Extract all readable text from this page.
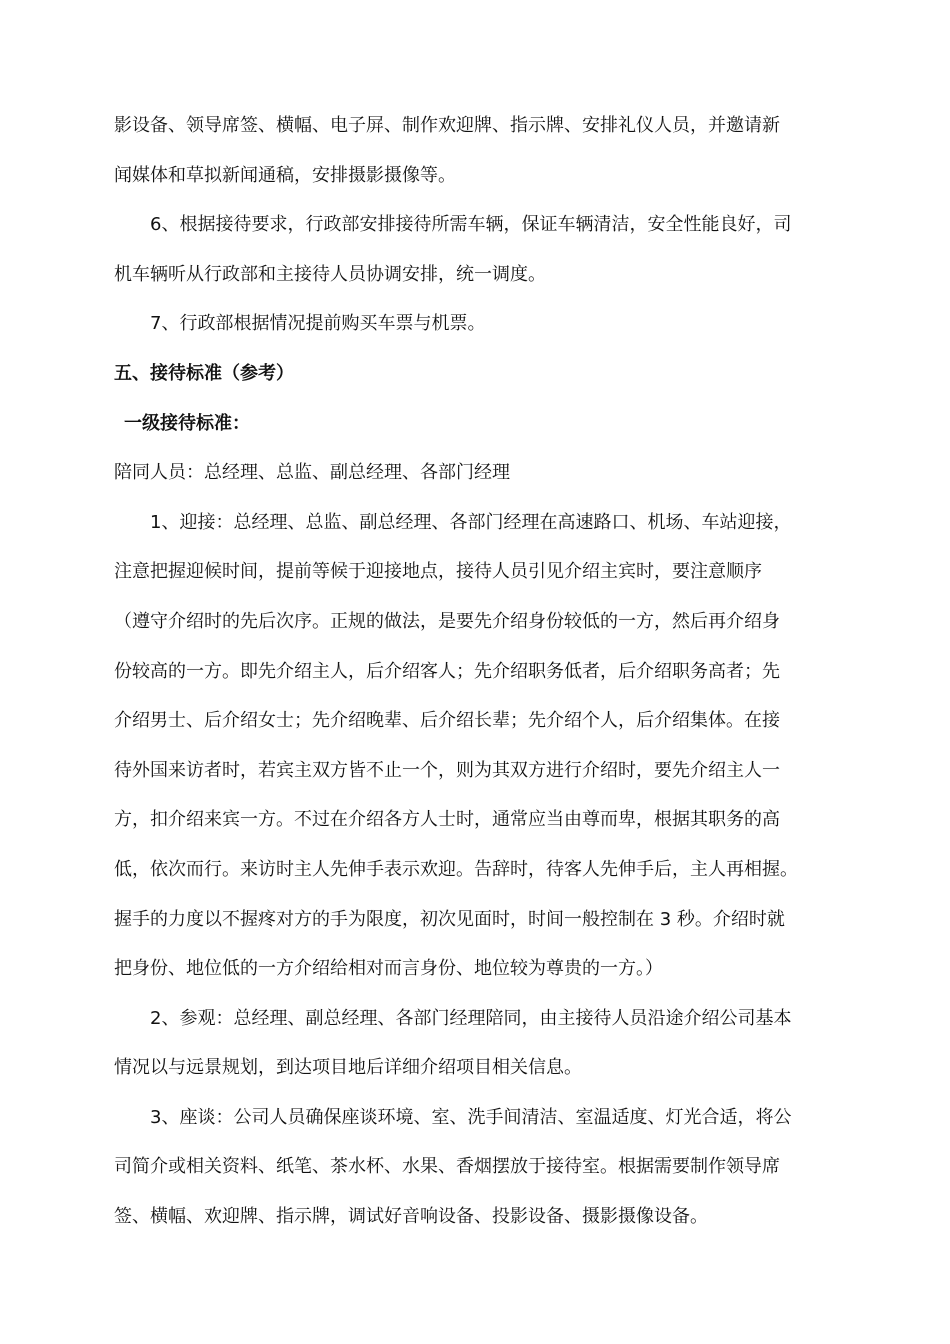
影设备、领导席签、横幅、电子屏、制作欢迎牌、指示牌、安排礼仪人员，并邀请新

闻媒体和草拟新闻通稿，安排摄影摄像等。

6、根据接待要求，行政部安排接待所需车辆，保证车辆清洁，安全性能良好，司

机车辆听从行政部和主接待人员协调安排，统一调度。

7、行政部根据情况提前购买车票与机票。

五、接待标准（参考）

一级接待标准：

陪同人员：总经理、总监、副总经理、各部门经理

1、迎接：总经理、总监、副总经理、各部门经理在高速路口、机场、车站迎接，

注意把握迎候时间，提前等候于迎接地点，接待人员引见介绍主宾时，要注意顺序

（遵守介绍时的先后次序。正规的做法，是要先介绍身份较低的一方，然后再介绍身

份较高的一方。即先介绍主人，后介绍客人；先介绍职务低者，后介绍职务高者；先

介绍男士、后介绍女士；先介绍晚辈、后介绍长辈；先介绍个人，后介绍集体。在接

待外国来访者时，若宾主双方皆不止一个，则为其双方进行介绍时，要先介绍主人一

方，扣介绍来宾一方。不过在介绍各方人士时，通常应当由尊而卑，根据其职务的高

低，依次而行。来访时主人先伸手表示欢迎。告辞时，待客人先伸手后，主人再相握。

握手的力度以不握疼对方的手为限度，初次见面时，时间一般控制在 3 秒。介绍时就

把身份、地位低的一方介绍给相对而言身份、地位较为尊贵的一方。）

2、参观：总经理、副总经理、各部门经理陪同，由主接待人员沿途介绍公司基本

情况以与远景规划，到达项目地后详细介绍项目相关信息。

3、座谈：公司人员确保座谈环境、室、洗手间清洁、室温适度、灯光合适，将公

司简介或相关资料、纸笔、茶水杯、水果、香烟摆放于接待室。根据需要制作领导席

签、横幅、欢迎牌、指示牌，调试好音响设备、投影设备、摄影摄像设备。
